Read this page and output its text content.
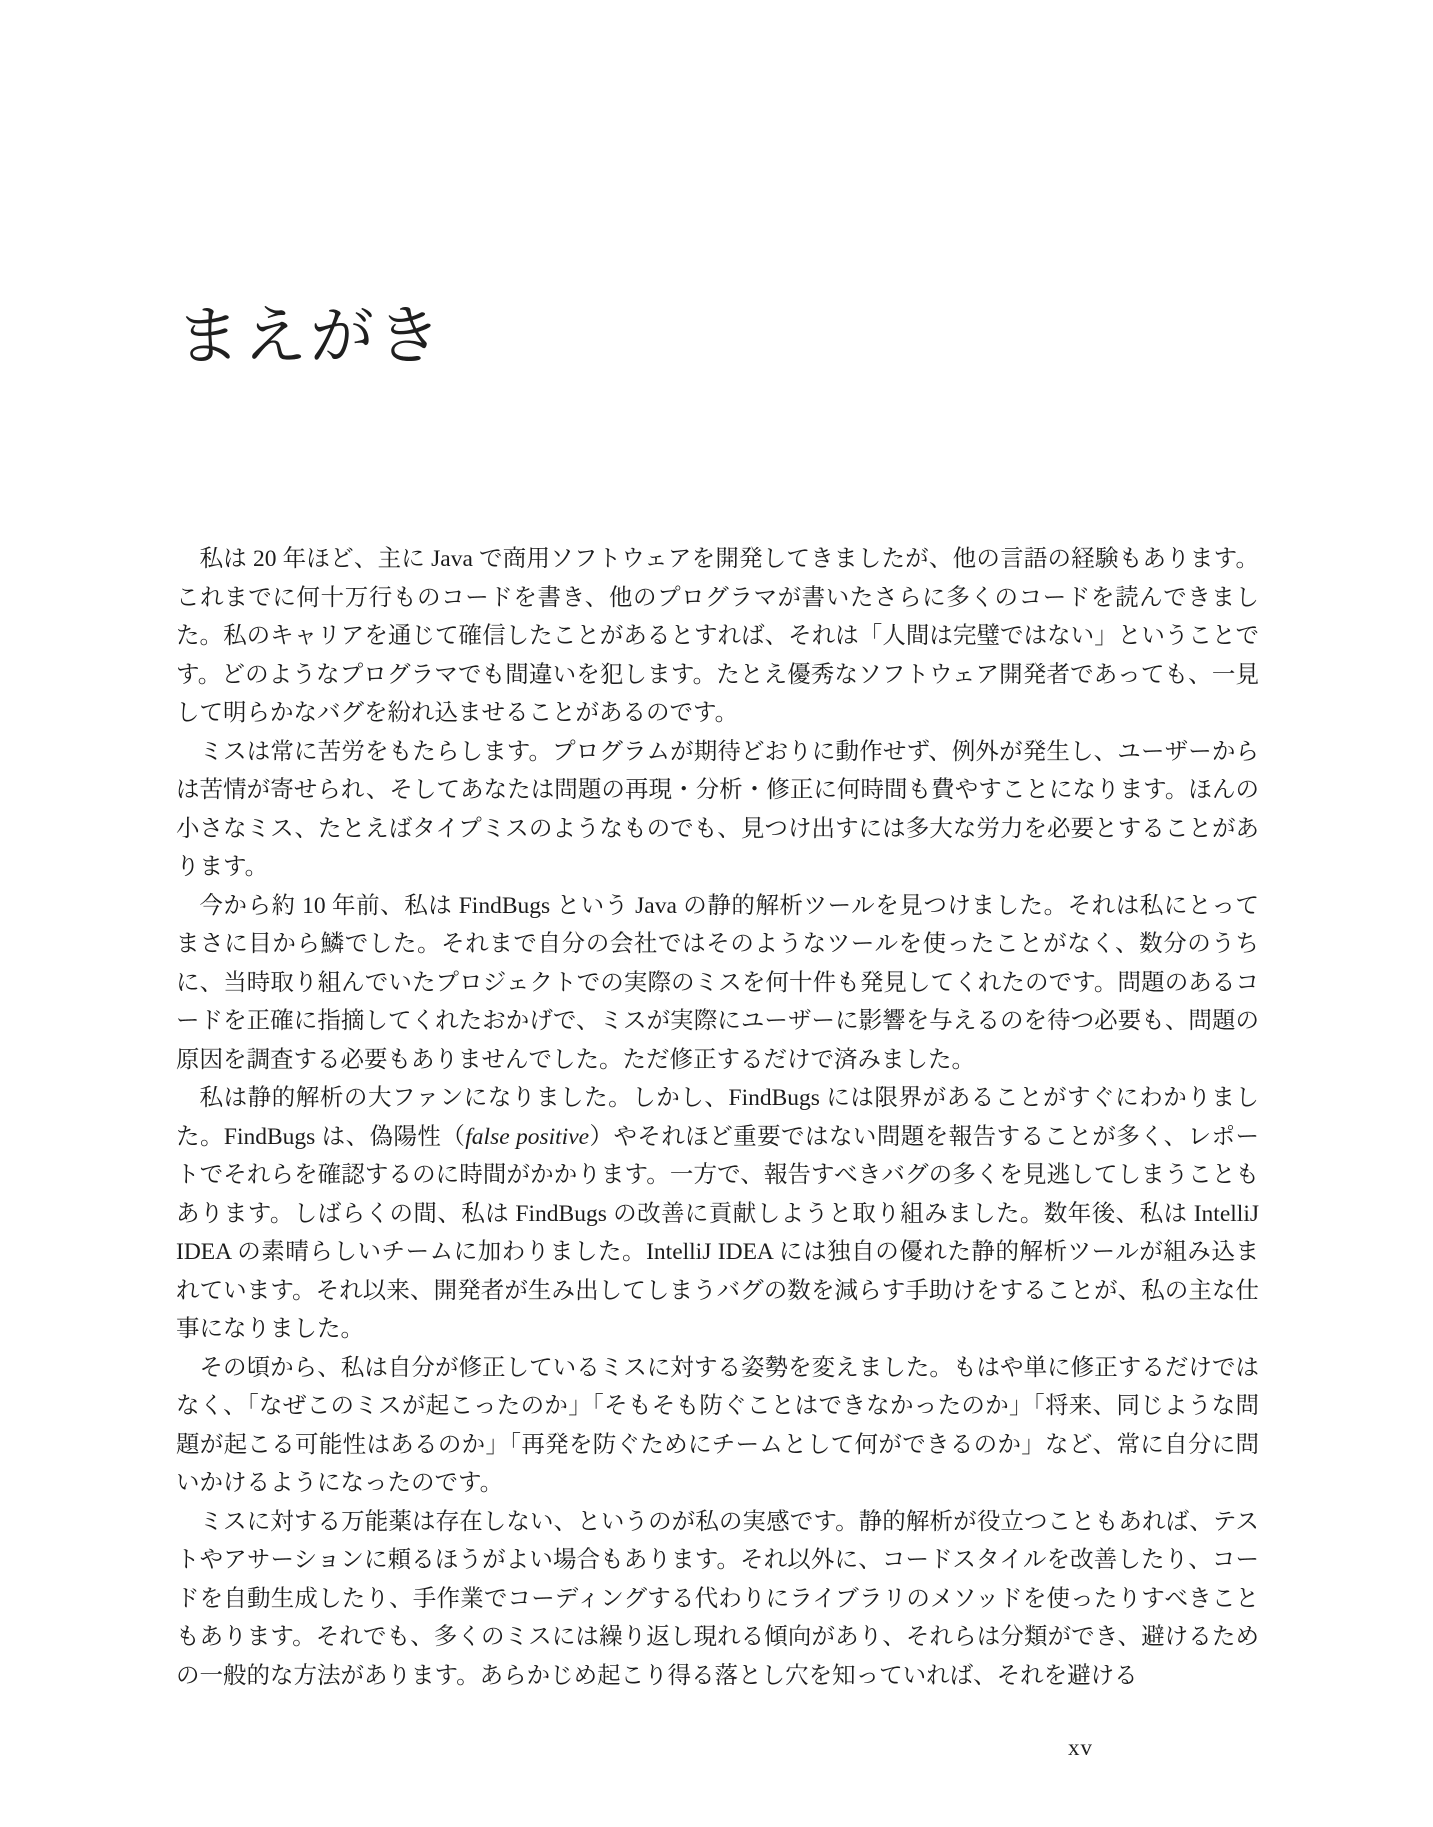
まえがき

私は 20 年ほど、主に Java で商用ソフトウェアを開発してきましたが、他の言語の経験もあります。これまでに何十万行ものコードを書き、他のプログラマが書いたさらに多くのコードを読んできました。私のキャリアを通じて確信したことがあるとすれば、それは「人間は完璧ではない」ということです。どのようなプログラマでも間違いを犯します。たとえ優秀なソフトウェア開発者であっても、一見して明らかなバグを紛れ込ませることがあるのです。

ミスは常に苦労をもたらします。プログラムが期待どおりに動作せず、例外が発生し、ユーザーからは苦情が寄せられ、そしてあなたは問題の再現・分析・修正に何時間も費やすことになります。ほんの小さなミス、たとえばタイプミスのようなものでも、見つけ出すには多大な労力を必要とすることがあります。

今から約 10 年前、私は FindBugs という Java の静的解析ツールを見つけました。それは私にとってまさに目から鱗でした。それまで自分の会社ではそのようなツールを使ったことがなく、数分のうちに、当時取り組んでいたプロジェクトでの実際のミスを何十件も発見してくれたのです。問題のあるコードを正確に指摘してくれたおかげで、ミスが実際にユーザーに影響を与えるのを待つ必要も、問題の原因を調査する必要もありませんでした。ただ修正するだけで済みました。

私は静的解析の大ファンになりました。しかし、FindBugs には限界があることがすぐにわかりました。FindBugs は、偽陽性（false positive）やそれほど重要ではない問題を報告することが多く、レポートでそれらを確認するのに時間がかかります。一方で、報告すべきバグの多くを見逃してしまうこともあります。しばらくの間、私は FindBugs の改善に貢献しようと取り組みました。数年後、私は IntelliJ IDEA の素晴らしいチームに加わりました。IntelliJ IDEA には独自の優れた静的解析ツールが組み込まれています。それ以来、開発者が生み出してしまうバグの数を減らす手助けをすることが、私の主な仕事になりました。

その頃から、私は自分が修正しているミスに対する姿勢を変えました。もはや単に修正するだけではなく、「なぜこのミスが起こったのか」「そもそも防ぐことはできなかったのか」「将来、同じような問題が起こる可能性はあるのか」「再発を防ぐためにチームとして何ができるのか」など、常に自分に問いかけるようになったのです。

ミスに対する万能薬は存在しない、というのが私の実感です。静的解析が役立つこともあれば、テストやアサーションに頼るほうがよい場合もあります。それ以外に、コードスタイルを改善したり、コードを自動生成したり、手作業でコーディングする代わりにライブラリのメソッドを使ったりすべきこともあります。それでも、多くのミスには繰り返し現れる傾向があり、それらは分類ができ、避けるための一般的な方法があります。あらかじめ起こり得る落とし穴を知っていれば、それを避ける

xv
